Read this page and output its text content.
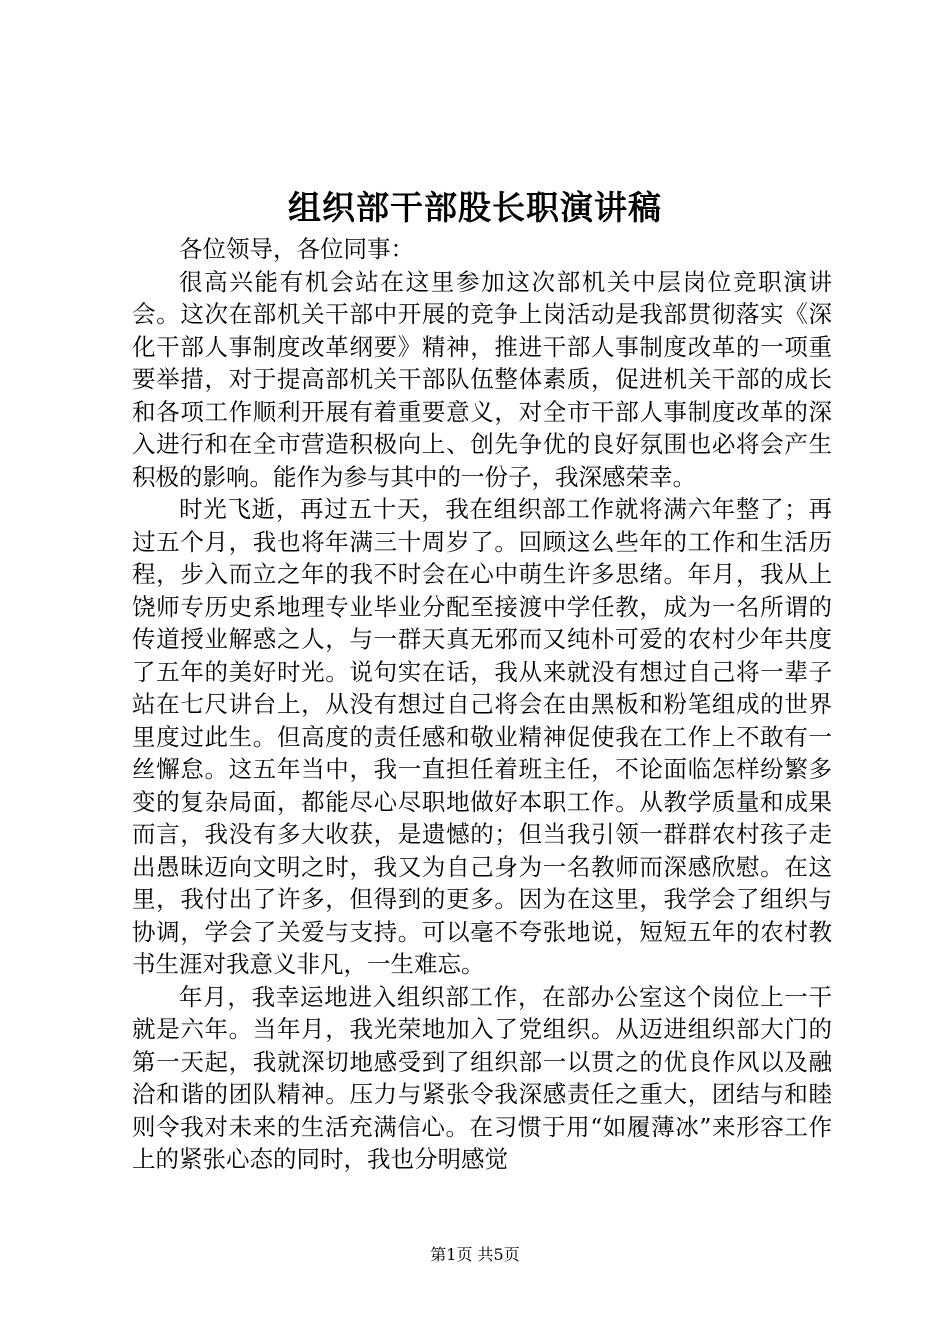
组织部干部股长职演讲稿

各位领导，各位同事：

很高兴能有机会站在这里参加这次部机关中层岗位竞职演讲会。这次在部机关干部中开展的竞争上岗活动是我部贯彻落实《深化干部人事制度改革纲要》精神，推进干部人事制度改革的一项重要举措，对于提高部机关干部队伍整体素质，促进机关干部的成长和各项工作顺利开展有着重要意义，对全市干部人事制度改革的深入进行和在全市营造积极向上、创先争优的良好氛围也必将会产生积极的影响。能作为参与其中的一份子，我深感荣幸。

时光飞逝，再过五十天，我在组织部工作就将满六年整了；再过五个月，我也将年满三十周岁了。回顾这么些年的工作和生活历程，步入而立之年的我不时会在心中萌生许多思绪。年月，我从上饶师专历史系地理专业毕业分配至接渡中学任教，成为一名所谓的传道授业解惑之人，与一群天真无邪而又纯朴可爱的农村少年共度了五年的美好时光。说句实在话，我从来就没有想过自己将一辈子站在七尺讲台上，从没有想过自己将会在由黑板和粉笔组成的世界里度过此生。但高度的责任感和敬业精神促使我在工作上不敢有一丝懈怠。这五年当中，我一直担任着班主任，不论面临怎样纷繁多变的复杂局面，都能尽心尽职地做好本职工作。从教学质量和成果而言，我没有多大收获，是遗憾的；但当我引领一群群农村孩子走出愚昧迈向文明之时，我又为自己身为一名教师而深感欣慰。在这里，我付出了许多，但得到的更多。因为在这里，我学会了组织与协调，学会了关爱与支持。可以毫不夸张地说，短短五年的农村教书生涯对我意义非凡，一生难忘。

年月，我幸运地进入组织部工作，在部办公室这个岗位上一干就是六年。当年月，我光荣地加入了党组织。从迈进组织部大门的第一天起，我就深切地感受到了组织部一以贯之的优良作风以及融洽和谐的团队精神。压力与紧张令我深感责任之重大，团结与和睦则令我对未来的生活充满信心。在习惯于用“如履薄冰”来形容工作上的紧张心态的同时，我也分明感觉

第1页 共5页
